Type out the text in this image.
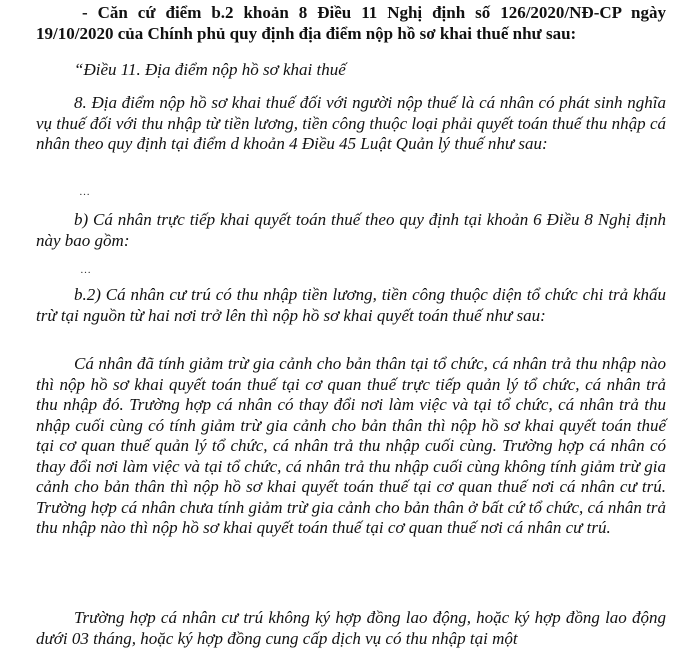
- Căn cứ điểm b.2 khoản 8 Điều 11 Nghị định số 126/2020/NĐ-CP ngày 19/10/2020 của Chính phủ quy định địa điểm nộp hồ sơ khai thuế như sau:

“Điều 11. Địa điểm nộp hồ sơ khai thuế

8. Địa điểm nộp hồ sơ khai thuế đối với người nộp thuế là cá nhân có phát sinh nghĩa vụ thuế đối với thu nhập từ tiền lương, tiền công thuộc loại phải quyết toán thuế thu nhập cá nhân theo quy định tại điểm d khoản 4 Điều 45 Luật Quản lý thuế như sau:

…

b) Cá nhân trực tiếp khai quyết toán thuế theo quy định tại khoản 6 Điều 8 Nghị định này bao gồm:

…

b.2) Cá nhân cư trú có thu nhập tiền lương, tiền công thuộc diện tổ chức chi trả khấu trừ tại nguồn từ hai nơi trở lên thì nộp hồ sơ khai quyết toán thuế như sau:

Cá nhân đã tính giảm trừ gia cảnh cho bản thân tại tổ chức, cá nhân trả thu nhập nào thì nộp hồ sơ khai quyết toán thuế tại cơ quan thuế trực tiếp quản lý tổ chức, cá nhân trả thu nhập đó. Trường hợp cá nhân có thay đổi nơi làm việc và tại tổ chức, cá nhân trả thu nhập cuối cùng có tính giảm trừ gia cảnh cho bản thân thì nộp hồ sơ khai quyết toán thuế tại cơ quan thuế quản lý tổ chức, cá nhân trả thu nhập cuối cùng. Trường hợp cá nhân có thay đổi nơi làm việc và tại tổ chức, cá nhân trả thu nhập cuối cùng không tính giảm trừ gia cảnh cho bản thân thì nộp hồ sơ khai quyết toán thuế tại cơ quan thuế nơi cá nhân cư trú. Trường hợp cá nhân chưa tính giảm trừ gia cảnh cho bản thân ở bất cứ tổ chức, cá nhân trả thu nhập nào thì nộp hồ sơ khai quyết toán thuế tại cơ quan thuế nơi cá nhân cư trú.

Trường hợp cá nhân cư trú không ký hợp đồng lao động, hoặc ký hợp đồng lao động dưới 03 tháng, hoặc ký hợp đồng cung cấp dịch vụ có thu nhập tại một
